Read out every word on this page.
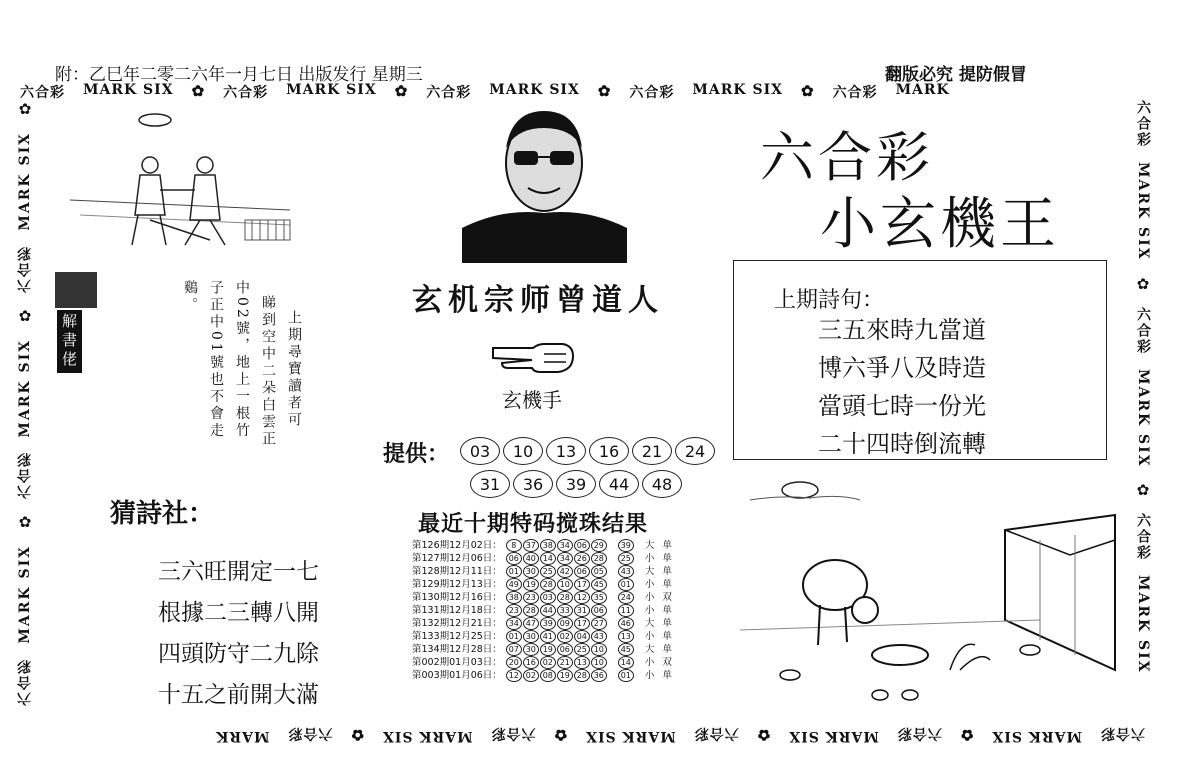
附：乙巳年二零二六年一月七日 出版发行 星期三	翻版必究 提防假冒
六合彩 MARK SIX ✿ 六合彩 MARK SIX ✿ 六合彩 MARK SIX ✿ 六合彩 MARK SIX ✿ 六合彩 MARK
六合彩
MARK SIX
✿
六合彩
MARK SIX
✿
六合彩
MARK SIX
✿
六合彩
MARK SIX
✿
六合彩
MARK
✿
MARK SIX
六合彩
✿
MARK SIX
六合彩
✿
MARK SIX
六合彩
六合彩
MARK SIX
✿
六合彩
MARK SIX
✿
六合彩
MARK SIX
解書佬	上期尋寶讀者可
睇到空中二朵白雲正
中02號，地上一根竹
子正中01號也不會走
鷄。
猜詩社：
三六旺開定一七
根據二三轉八開
四頭防守二九除
十五之前開大滿
玄机宗师曾道人
玄機手
提供：	03	10	13	16	21	24
31	36	39	44	48
最近十期特码搅珠结果
第126期12月02日：	8 37 38 34 06 29	39	大	单
第127期12月06日：	06 40 14 34 26 28	25	小	单
第128期12月11日：	01 30 25 42 06 05	43	大	单
第129期12月13日：	49 19 28 10 17 45	01	小	单
第130期12月16日：	38 23 03 28 12 35	24	小	双
第131期12月18日：	23 28 44 33 31 06	11	小	单
第132期12月21日：	34 47 39 09 17 27	46	大	单
第133期12月25日：	01 30 41 02 04 43	13	小	单
第134期12月28日：	07 30 19 06 25 10	45	大	单
第002期01月03日：	20 16 02 21 13 10	14	小	双
第003期01月06日：	12 02 08 19 28 36	01	小	单
六合彩
小玄機王
上期詩句：
三五來時九當道
博六爭八及時造
當頭七時一份光
二十四時倒流轉
